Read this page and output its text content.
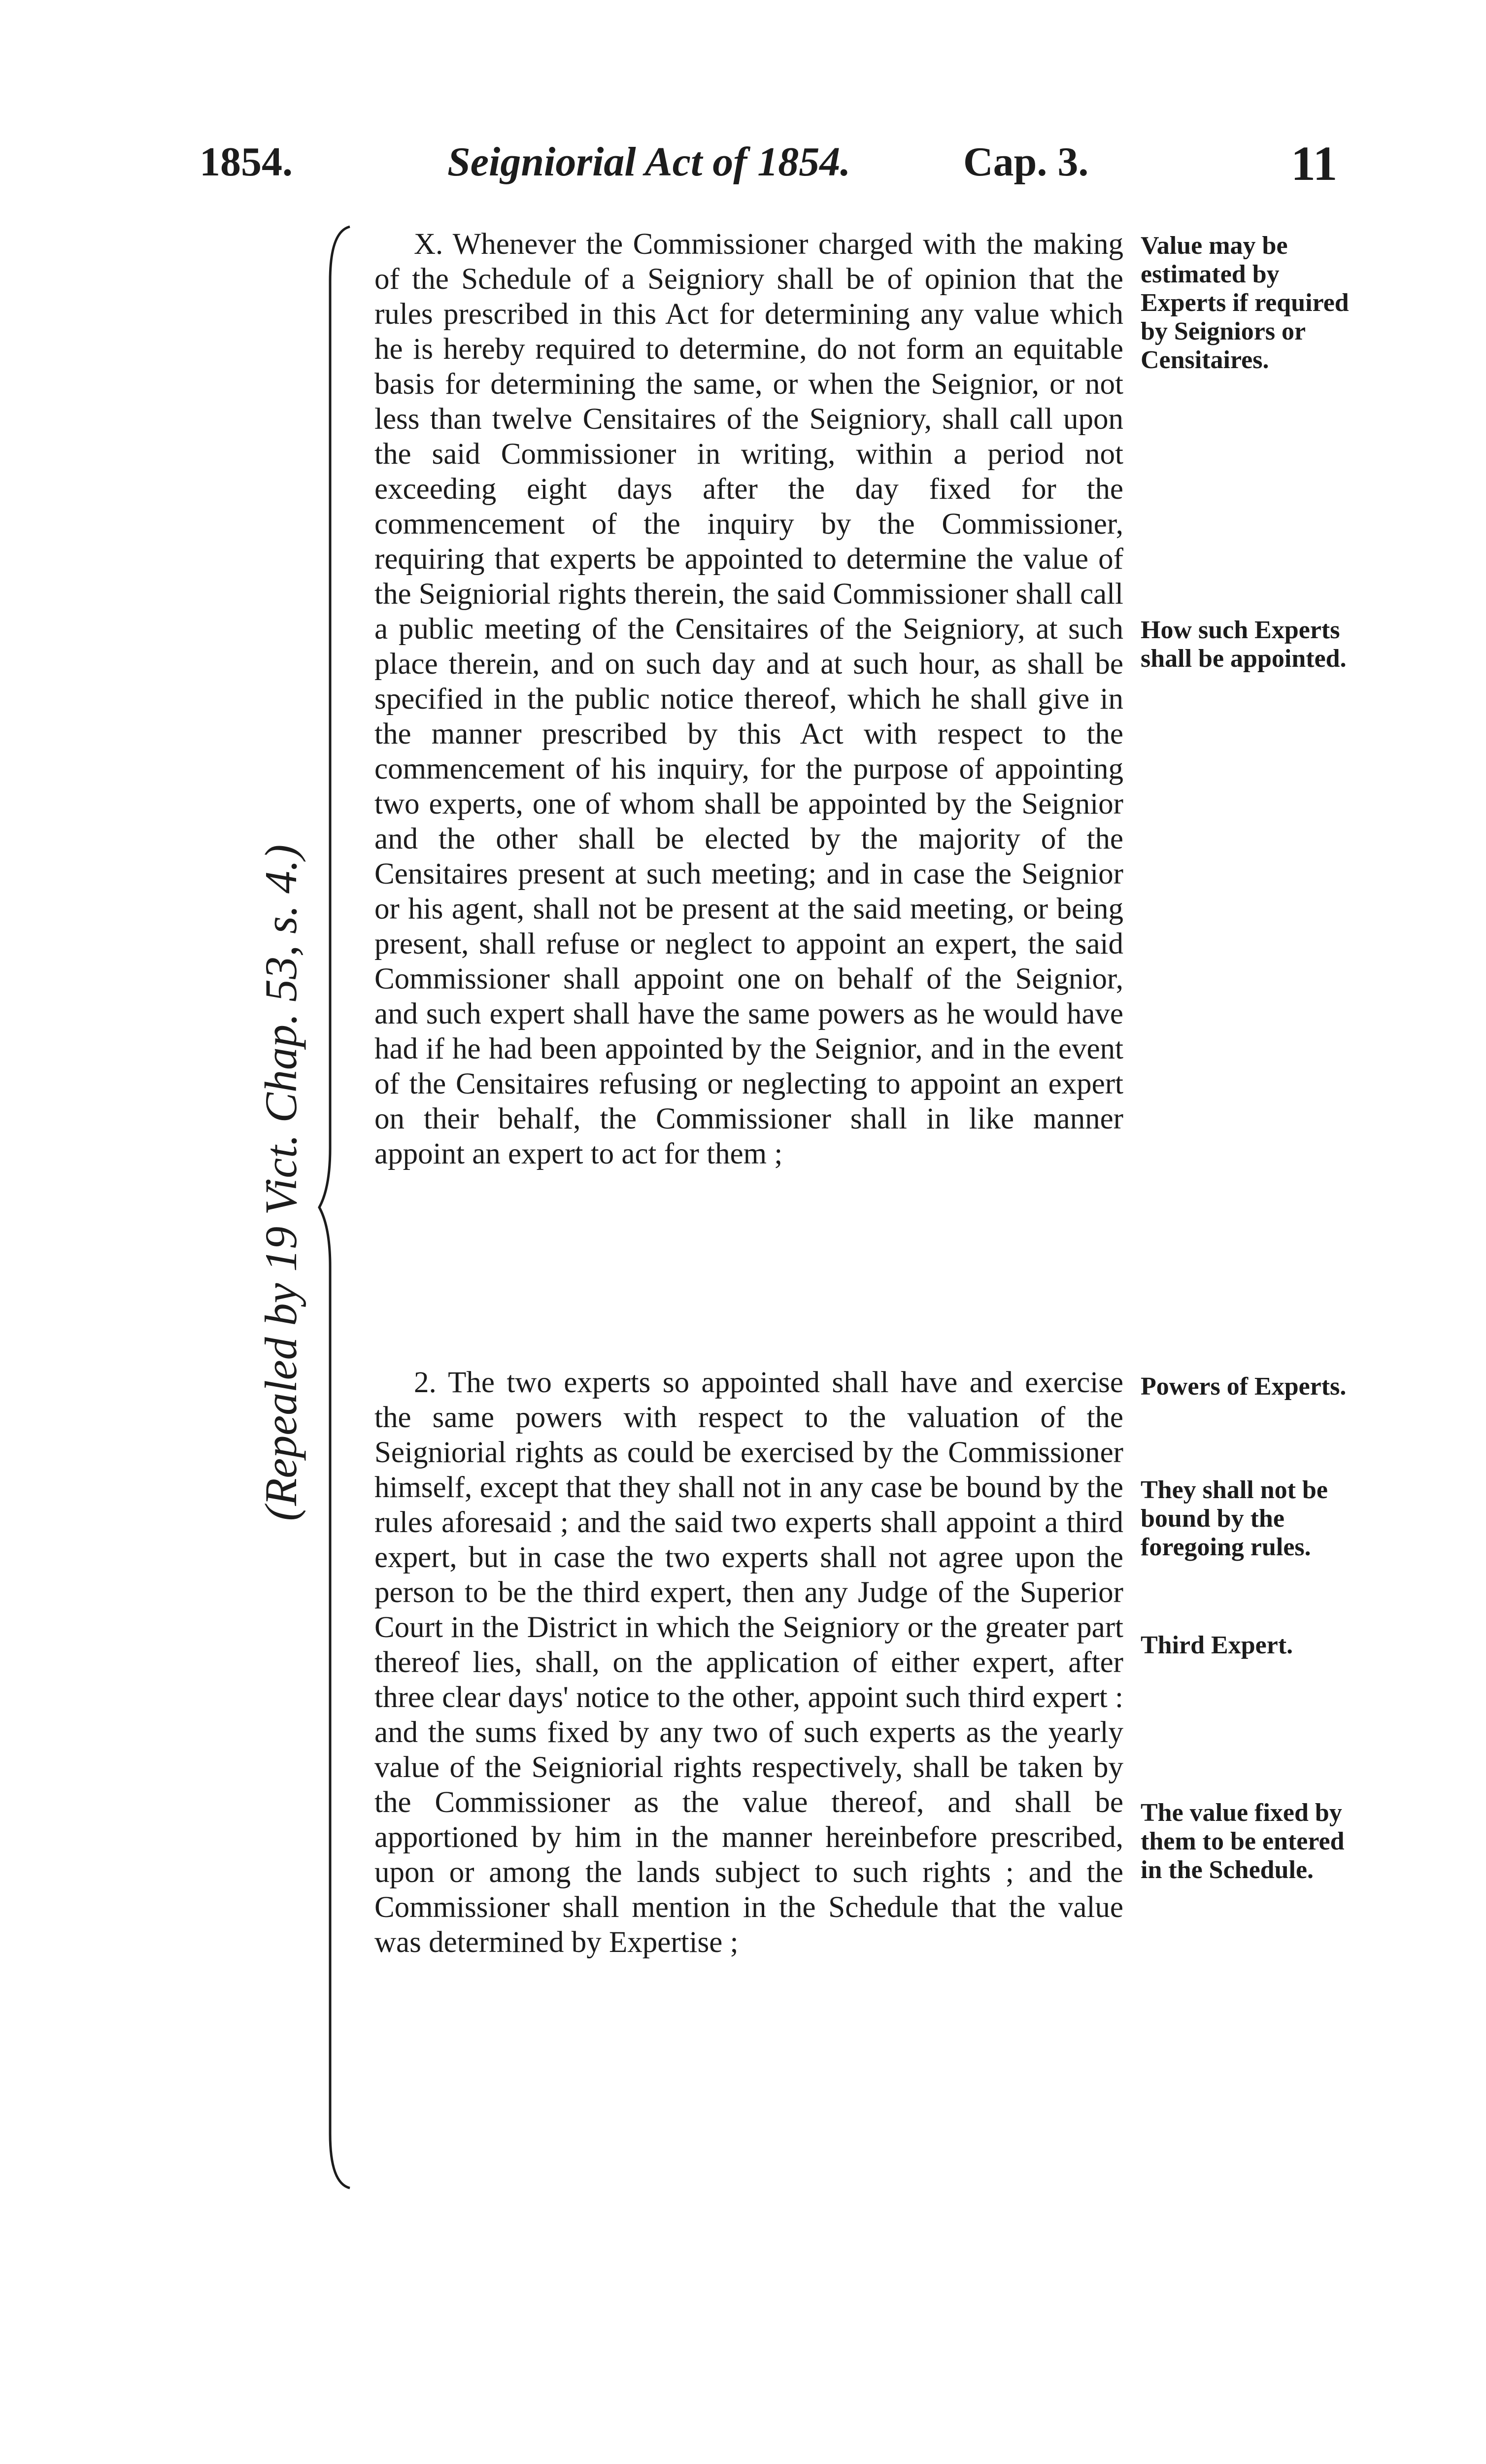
1854.	Seigniorial Act of 1854.	Cap. 3.	11
(Repealed by 19 Vict. Chap. 53, s. 4.)

X. Whenever the Commissioner charged with the making of the Schedule of a Seigniory shall be of opinion that the rules prescribed in this Act for determining any value which he is hereby required to determine, do not form an equitable basis for determining the same, or when the Seignior, or not less than twelve Censitaires of the Seigniory, shall call upon the said Commissioner in writing, within a period not exceeding eight days after the day fixed for the commencement of the inquiry by the Commissioner, requiring that experts be appointed to determine the value of the Seigniorial rights therein, the said Commissioner shall call a public meeting of the Censitaires of the Seigniory, at such place therein, and on such day and at such hour, as shall be specified in the public notice thereof, which he shall give in the manner prescribed by this Act with respect to the commencement of his inquiry, for the purpose of appointing two experts, one of whom shall be appointed by the Seignior and the other shall be elected by the majority of the Censitaires present at such meeting; and in case the Seignior or his agent, shall not be present at the said meeting, or being present, shall refuse or neglect to appoint an expert, the said Commissioner shall appoint one on behalf of the Seignior, and such expert shall have the same powers as he would have had if he had been appointed by the Seignior, and in the event of the Censitaires refusing or neglecting to appoint an expert on their behalf, the Commissioner shall in like manner appoint an expert to act for them ;

2. The two experts so appointed shall have and exercise the same powers with respect to the valuation of the Seigniorial rights as could be exercised by the Commissioner himself, except that they shall not in any case be bound by the rules aforesaid ; and the said two experts shall appoint a third expert, but in case the two experts shall not agree upon the person to be the third expert, then any Judge of the Superior Court in the District in which the Seigniory or the greater part thereof lies, shall, on the application of either expert, after three clear days' notice to the other, appoint such third expert : and the sums fixed by any two of such experts as the yearly value of the Seigniorial rights respectively, shall be taken by the Commissioner as the value thereof, and shall be apportioned by him in the manner hereinbefore prescribed, upon or among the lands subject to such rights ; and the Commissioner shall mention in the Schedule that the value was determined by Expertise ;

Value may be estimated by Experts if required by Seigniors or Censitaires.
How such Experts shall be appointed.
Powers of Experts.
They shall not be bound by the foregoing rules.
Third Expert.
The value fixed by them to be entered in the Schedule.
